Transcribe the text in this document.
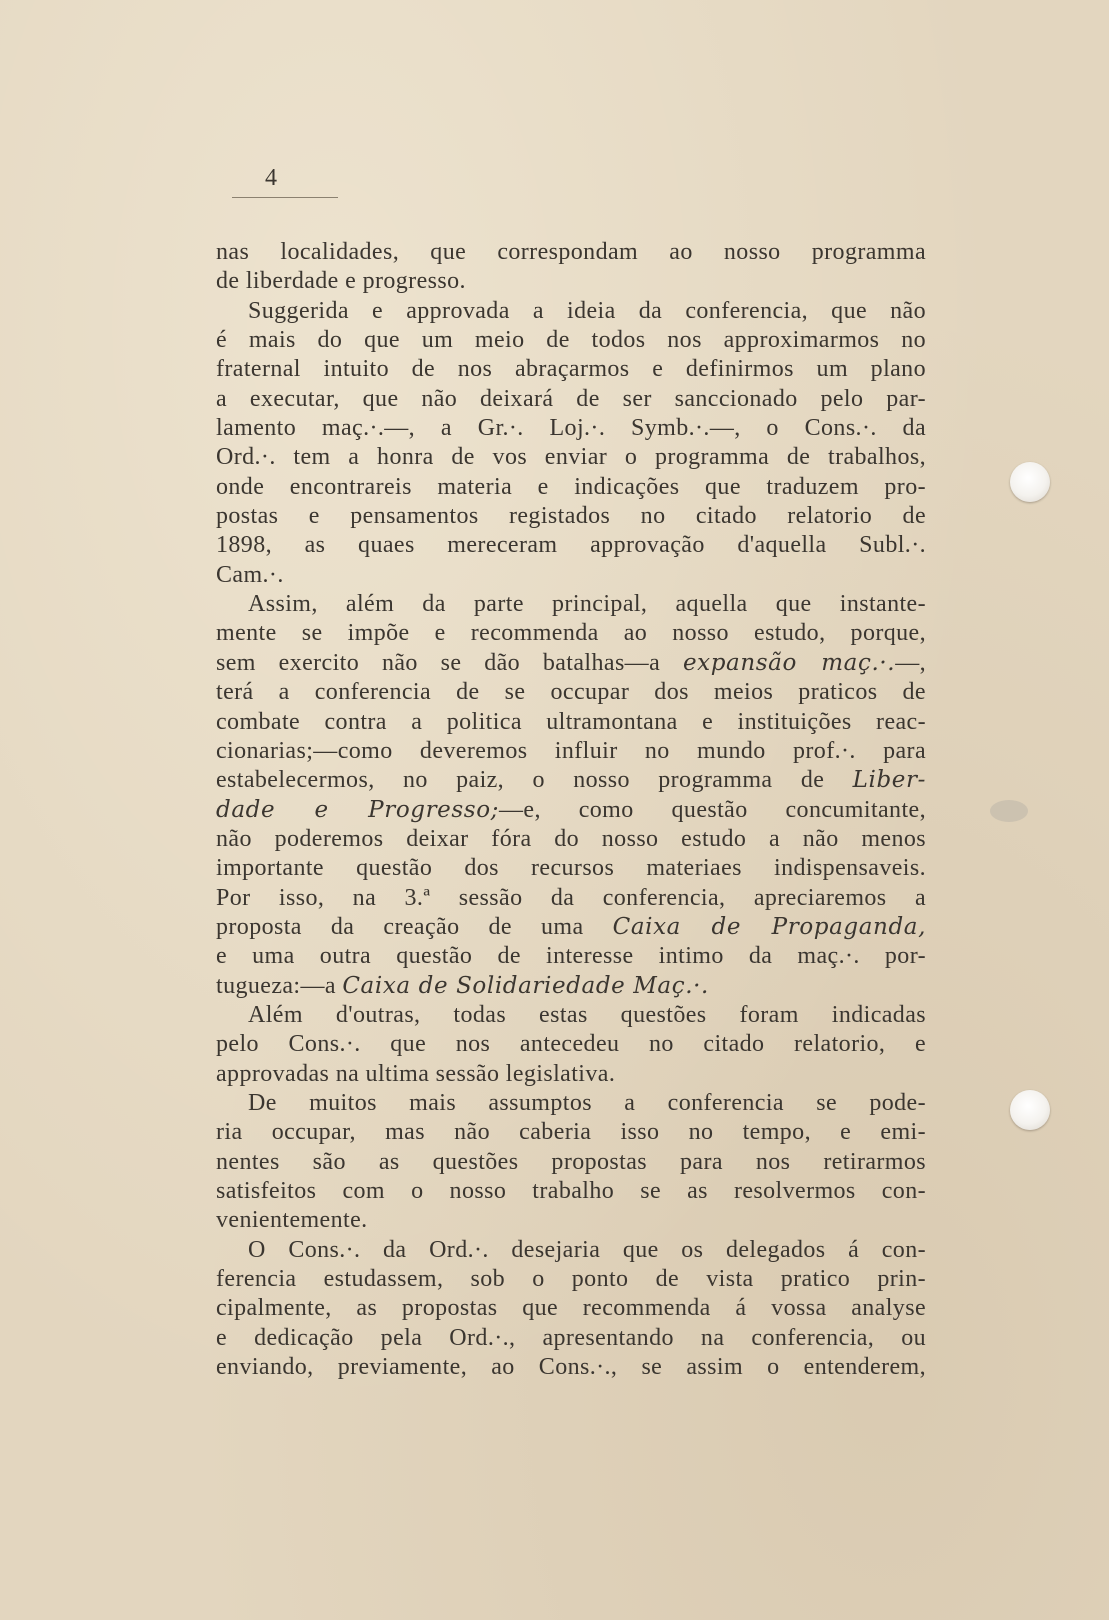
4
nas localidades, que correspondam ao nosso programma
de liberdade e progresso.
Suggerida e approvada a ideia da conferencia, que não
é mais do que um meio de todos nos approximarmos no
fraternal intuito de nos abraçarmos e definirmos um plano
a executar, que não deixará de ser sanccionado pelo par-
lamento maç.·.—, a Gr.·. Loj.·. Symb.·.—, o Cons.·. da
Ord.·. tem a honra de vos enviar o programma de trabalhos,
onde encontrareis materia e indicações que traduzem pro-
postas e pensamentos registados no citado relatorio de
1898, as quaes mereceram approvação d'aquella Subl.·.
Cam.·.
Assim, além da parte principal, aquella que instante-
mente se impõe e recommenda ao nosso estudo, porque,
sem exercito não se dão batalhas—a expansão maç.·.—,
terá a conferencia de se occupar dos meios praticos de
combate contra a politica ultramontana e instituições reac-
cionarias;—como deveremos influir no mundo prof.·. para
estabelecermos, no paiz, o nosso programma de Liber-
dade e Progresso;—e, como questão concumitante,
não poderemos deixar fóra do nosso estudo a não menos
importante questão dos recursos materiaes indispensaveis.
Por isso, na 3.ª sessão da conferencia, apreciaremos a
proposta da creação de uma Caixa de Propaganda,
e uma outra questão de interesse intimo da maç.·. por-
tugueza:—a Caixa de Solidariedade Maç.·.
Além d'outras, todas estas questões foram indicadas
pelo Cons.·. que nos antecedeu no citado relatorio, e
approvadas na ultima sessão legislativa.
De muitos mais assumptos a conferencia se pode-
ria occupar, mas não caberia isso no tempo, e emi-
nentes são as questões propostas para nos retirarmos
satisfeitos com o nosso trabalho se as resolvermos con-
venientemente.
O Cons.·. da Ord.·. desejaria que os delegados á con-
ferencia estudassem, sob o ponto de vista pratico prin-
cipalmente, as propostas que recommenda á vossa analyse
e dedicação pela Ord.·., apresentando na conferencia, ou
enviando, previamente, ao Cons.·., se assim o entenderem,
